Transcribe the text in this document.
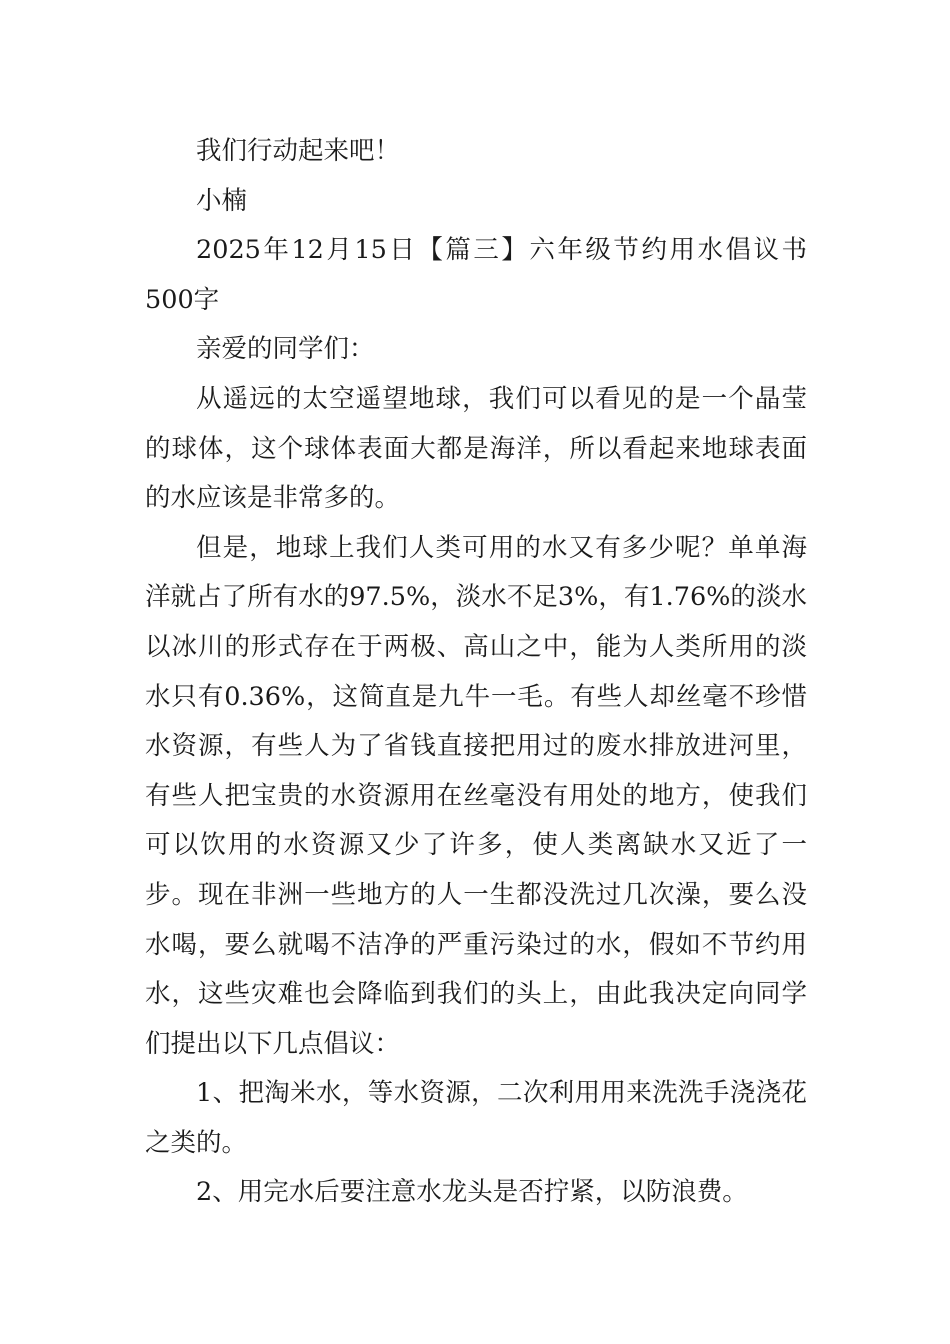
我们行动起来吧！

小楠

2025年12月15日【篇三】六年级节约用水倡议书500字

亲爱的同学们：

从遥远的太空遥望地球，我们可以看见的是一个晶莹的球体，这个球体表面大都是海洋，所以看起来地球表面的水应该是非常多的。

但是，地球上我们人类可用的水又有多少呢？单单海洋就占了所有水的97.5%，淡水不足3%，有1.76%的淡水以冰川的形式存在于两极、高山之中，能为人类所用的淡水只有0.36%，这简直是九牛一毛。有些人却丝毫不珍惜水资源，有些人为了省钱直接把用过的废水排放进河里，有些人把宝贵的水资源用在丝毫没有用处的地方，使我们可以饮用的水资源又少了许多，使人类离缺水又近了一步。现在非洲一些地方的人一生都没洗过几次澡，要么没水喝，要么就喝不洁净的严重污染过的水，假如不节约用水，这些灾难也会降临到我们的头上，由此我决定向同学们提出以下几点倡议：

1、把淘米水，等水资源，二次利用用来洗洗手浇浇花之类的。

2、用完水后要注意水龙头是否拧紧，以防浪费。
